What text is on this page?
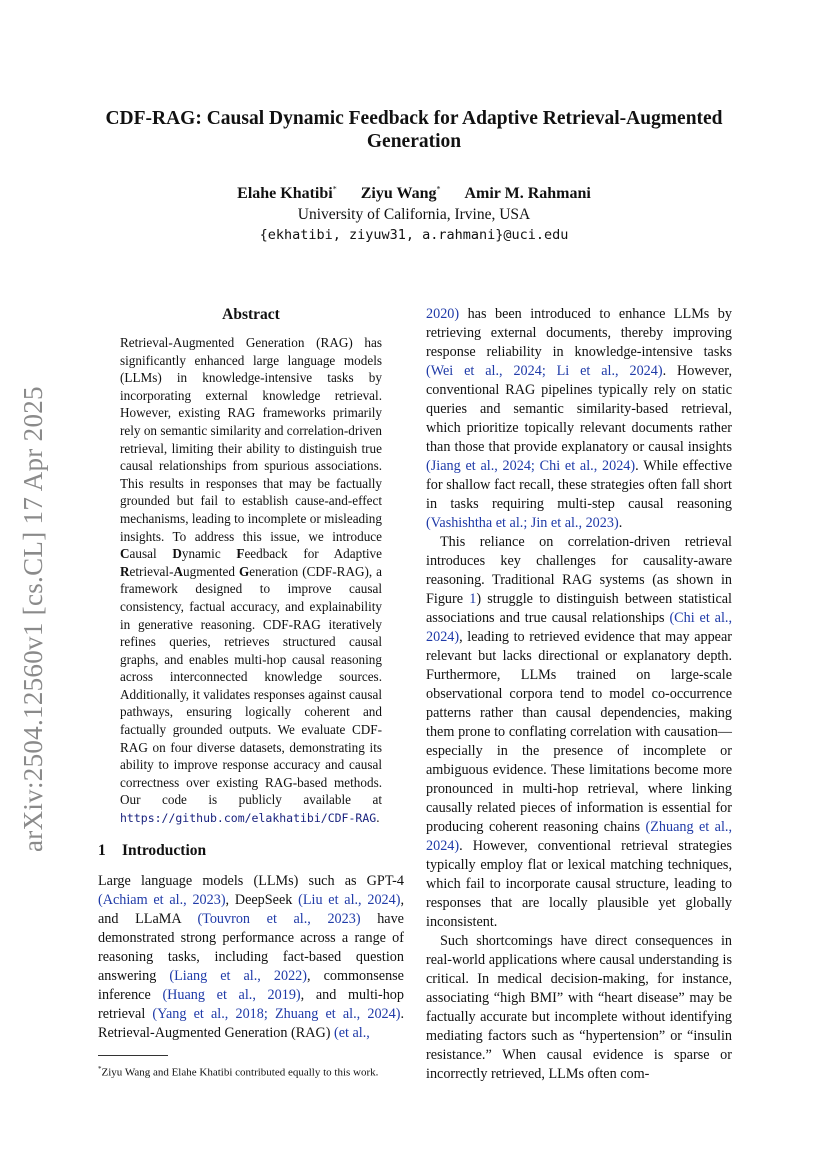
arXiv:2504.12560v1 [cs.CL] 17 Apr 2025
CDF-RAG: Causal Dynamic Feedback for Adaptive Retrieval-Augmented Generation
Elahe Khatibi* Ziyu Wang* Amir M. Rahmani
University of California, Irvine, USA
{ekhatibi, ziyuw31, a.rahmani}@uci.edu
Abstract
Retrieval-Augmented Generation (RAG) has significantly enhanced large language models (LLMs) in knowledge-intensive tasks by incorporating external knowledge retrieval. However, existing RAG frameworks primarily rely on semantic similarity and correlation-driven retrieval, limiting their ability to distinguish true causal relationships from spurious associations. This results in responses that may be factually grounded but fail to establish cause-and-effect mechanisms, leading to incomplete or misleading insights. To address this issue, we introduce Causal Dynamic Feedback for Adaptive Retrieval-Augmented Generation (CDF-RAG), a framework designed to improve causal consistency, factual accuracy, and explainability in generative reasoning. CDF-RAG iteratively refines queries, retrieves structured causal graphs, and enables multi-hop causal reasoning across interconnected knowledge sources. Additionally, it validates responses against causal pathways, ensuring logically coherent and factually grounded outputs. We evaluate CDF-RAG on four diverse datasets, demonstrating its ability to improve response accuracy and causal correctness over existing RAG-based methods. Our code is publicly available at https://github.com/elakhatibi/CDF-RAG.
1 Introduction

Large language models (LLMs) such as GPT-4 (Achiam et al., 2023), DeepSeek (Liu et al., 2024), and LLaMA (Touvron et al., 2023) have demonstrated strong performance across a range of reasoning tasks, including fact-based question answering (Liang et al., 2022), commonsense inference (Huang et al., 2019), and multi-hop retrieval (Yang et al., 2018; Zhuang et al., 2024). Retrieval-Augmented Generation (RAG) (et al.,

*Ziyu Wang and Elahe Khatibi contributed equally to this work.

2020) has been introduced to enhance LLMs by retrieving external documents, thereby improving response reliability in knowledge-intensive tasks (Wei et al., 2024; Li et al., 2024). However, conventional RAG pipelines typically rely on static queries and semantic similarity-based retrieval, which prioritize topically relevant documents rather than those that provide explanatory or causal insights (Jiang et al., 2024; Chi et al., 2024). While effective for shallow fact recall, these strategies often fall short in tasks requiring multi-step causal reasoning (Vashishtha et al.; Jin et al., 2023).

This reliance on correlation-driven retrieval introduces key challenges for causality-aware reasoning. Traditional RAG systems (as shown in Figure 1) struggle to distinguish between statistical associations and true causal relationships (Chi et al., 2024), leading to retrieved evidence that may appear relevant but lacks directional or explanatory depth. Furthermore, LLMs trained on large-scale observational corpora tend to model co-occurrence patterns rather than causal dependencies, making them prone to conflating correlation with causation—especially in the presence of incomplete or ambiguous evidence. These limitations become more pronounced in multi-hop retrieval, where linking causally related pieces of information is essential for producing coherent reasoning chains (Zhuang et al., 2024). However, conventional retrieval strategies typically employ flat or lexical matching techniques, which fail to incorporate causal structure, leading to responses that are locally plausible yet globally inconsistent.

Such shortcomings have direct consequences in real-world applications where causal understanding is critical. In medical decision-making, for instance, associating “high BMI” with “heart disease” may be factually accurate but incomplete without identifying mediating factors such as “hypertension” or “insulin resistance.” When causal evidence is sparse or incorrectly retrieved, LLMs often com-
